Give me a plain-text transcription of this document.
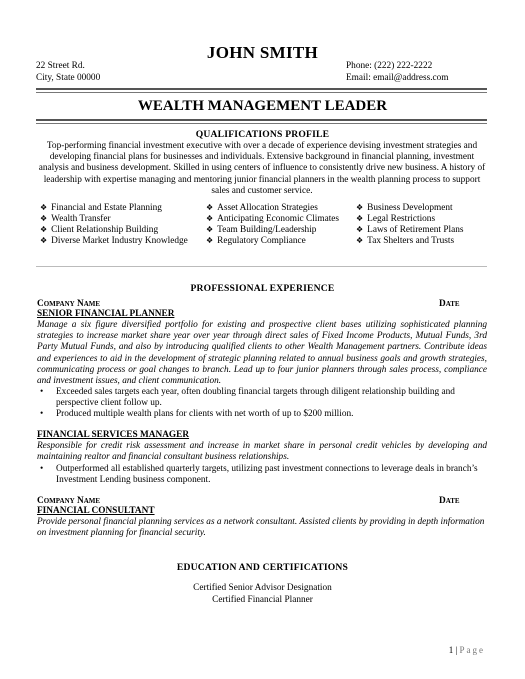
JOHN SMITH
22 Street Rd.
City, State 00000
Phone: (222) 222-2222
Email: email@address.com
WEALTH MANAGEMENT LEADER
QUALIFICATIONS PROFILE
Top-performing financial investment executive with over a decade of experience devising investment strategies and developing financial plans for businesses and individuals. Extensive background in financial planning, investment analysis and business development. Skilled in using centers of influence to consistently drive new business. A history of leadership with expertise managing and mentoring junior financial planners in the wealth planning process to support sales and customer service.
❖ Financial and Estate Planning
❖ Wealth Transfer
❖ Client Relationship Building
❖ Diverse Market Industry Knowledge
❖ Asset Allocation Strategies
❖ Anticipating Economic Climates
❖ Team Building/Leadership
❖ Regulatory Compliance
❖ Business Development
❖ Legal Restrictions
❖ Laws of Retirement Plans
❖ Tax Shelters and Trusts
PROFESSIONAL EXPERIENCE
Company Name	Date
SENIOR FINANCIAL PLANNER
Manage a six figure diversified portfolio for existing and prospective client bases utilizing sophisticated planning strategies to increase market share year over year through direct sales of Fixed Income Products, Mutual Funds, 3rd Party Mutual Funds, and also by introducing qualified clients to other Wealth Management partners. Contribute ideas and experiences to aid in the development of strategic planning related to annual business goals and growth strategies, communicating process or goal changes to branch. Lead up to four junior planners through sales process, compliance and investment issues, and client communication.
• Exceeded sales targets each year, often doubling financial targets through diligent relationship building and perspective client follow up.
• Produced multiple wealth plans for clients with net worth of up to $200 million.
FINANCIAL SERVICES MANAGER
Responsible for credit risk assessment and increase in market share in personal credit vehicles by developing and maintaining realtor and financial consultant business relationships.
• Outperformed all established quarterly targets, utilizing past investment connections to leverage deals in branch’s Investment Lending business component.
Company Name	Date
FINANCIAL CONSULTANT
Provide personal financial planning services as a network consultant. Assisted clients by providing in depth information on investment planning for financial security.
EDUCATION AND CERTIFICATIONS
Certified Senior Advisor Designation
Certified Financial Planner
1 | Page
